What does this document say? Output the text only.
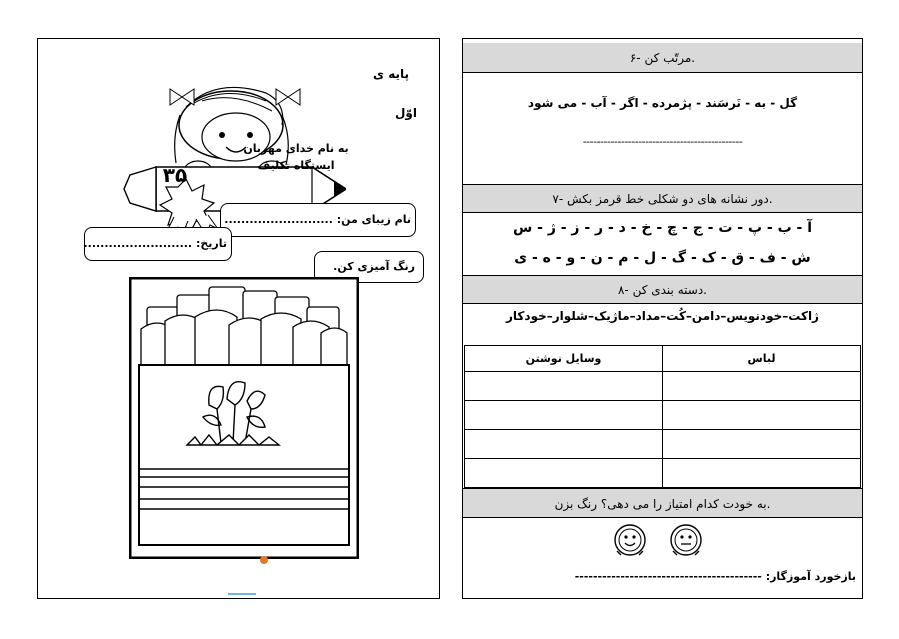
پایه ی
اوّل
به نام خدای مهربان
ایستگاه تکلیف
۳۵
نام زیبای من: ..........................
تاریخ: ..........................
رنگ آمیزی کن.
۶- مرتّب کن.
گل - به - نَرسَند - پژمرده - اگر - آب - می شود
----------------------------------------------
۷- دور نشانه های دو شکلی خط قرمز بکش.
آ - ب - پ - ت - ج - چ - خ - د - ر - ز - ژ - س
ش - ف - ق - ک - گ - ل - م - ن - و - ه - ی
۸- دسته بندی کن.
ژاکت–خودنویس–دامن–کُت–مداد–ماژیک–شلوار–خودکار
وسایل نوشتن	لباس

به خودت کدام امتیاز را می دهی؟ رنگ بزن.
بازخورد آموزگار: -----------------------------------------
